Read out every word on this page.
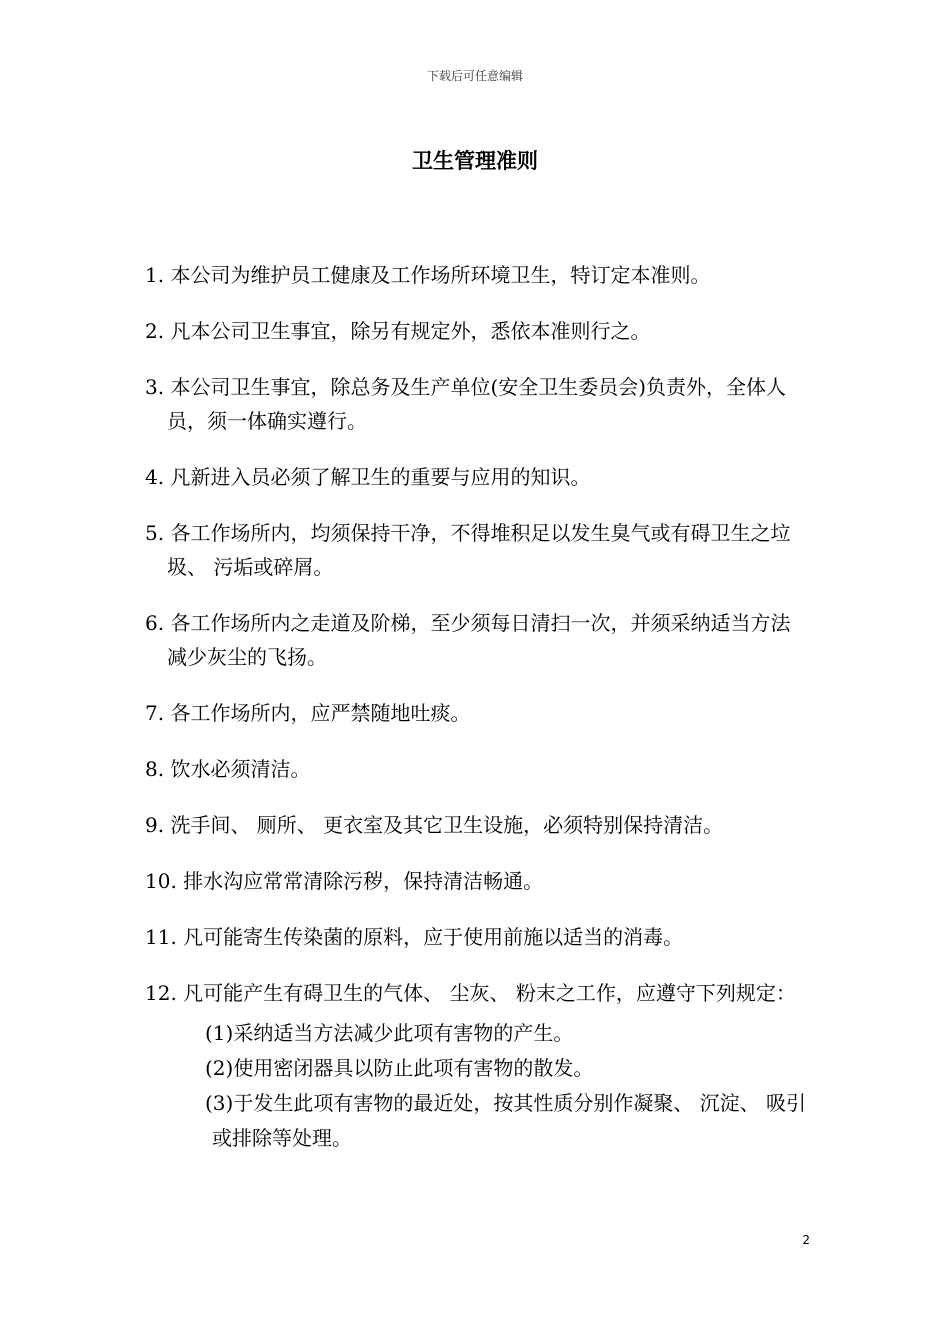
下载后可任意编辑
卫生管理准则

1. 本公司为维护员工健康及工作场所环境卫生，特订定本准则。

2. 凡本公司卫生事宜，除另有规定外，悉依本准则行之。

3. 本公司卫生事宜，除总务及生产单位(安全卫生委员会)负责外，全体人员，须一体确实遵行。

4. 凡新进入员必须了解卫生的重要与应用的知识。

5. 各工作场所内，均须保持干净，不得堆积足以发生臭气或有碍卫生之垃圾、 污垢或碎屑。

6. 各工作场所内之走道及阶梯，至少须每日清扫一次，并须采纳适当方法减少灰尘的飞扬。

7. 各工作场所内，应严禁随地吐痰。

8. 饮水必须清洁。

9. 洗手间、 厕所、 更衣室及其它卫生设施，必须特别保持清洁。

10. 排水沟应常常清除污秽，保持清洁畅通。

11. 凡可能寄生传染菌的原料，应于使用前施以适当的消毒。

12. 凡可能产生有碍卫生的气体、 尘灰、 粉末之工作，应遵守下列规定：

(1)采纳适当方法减少此项有害物的产生。
(2)使用密闭器具以防止此项有害物的散发。
(3)于发生此项有害物的最近处，按其性质分别作凝聚、 沉淀、 吸引或排除等处理。
2
